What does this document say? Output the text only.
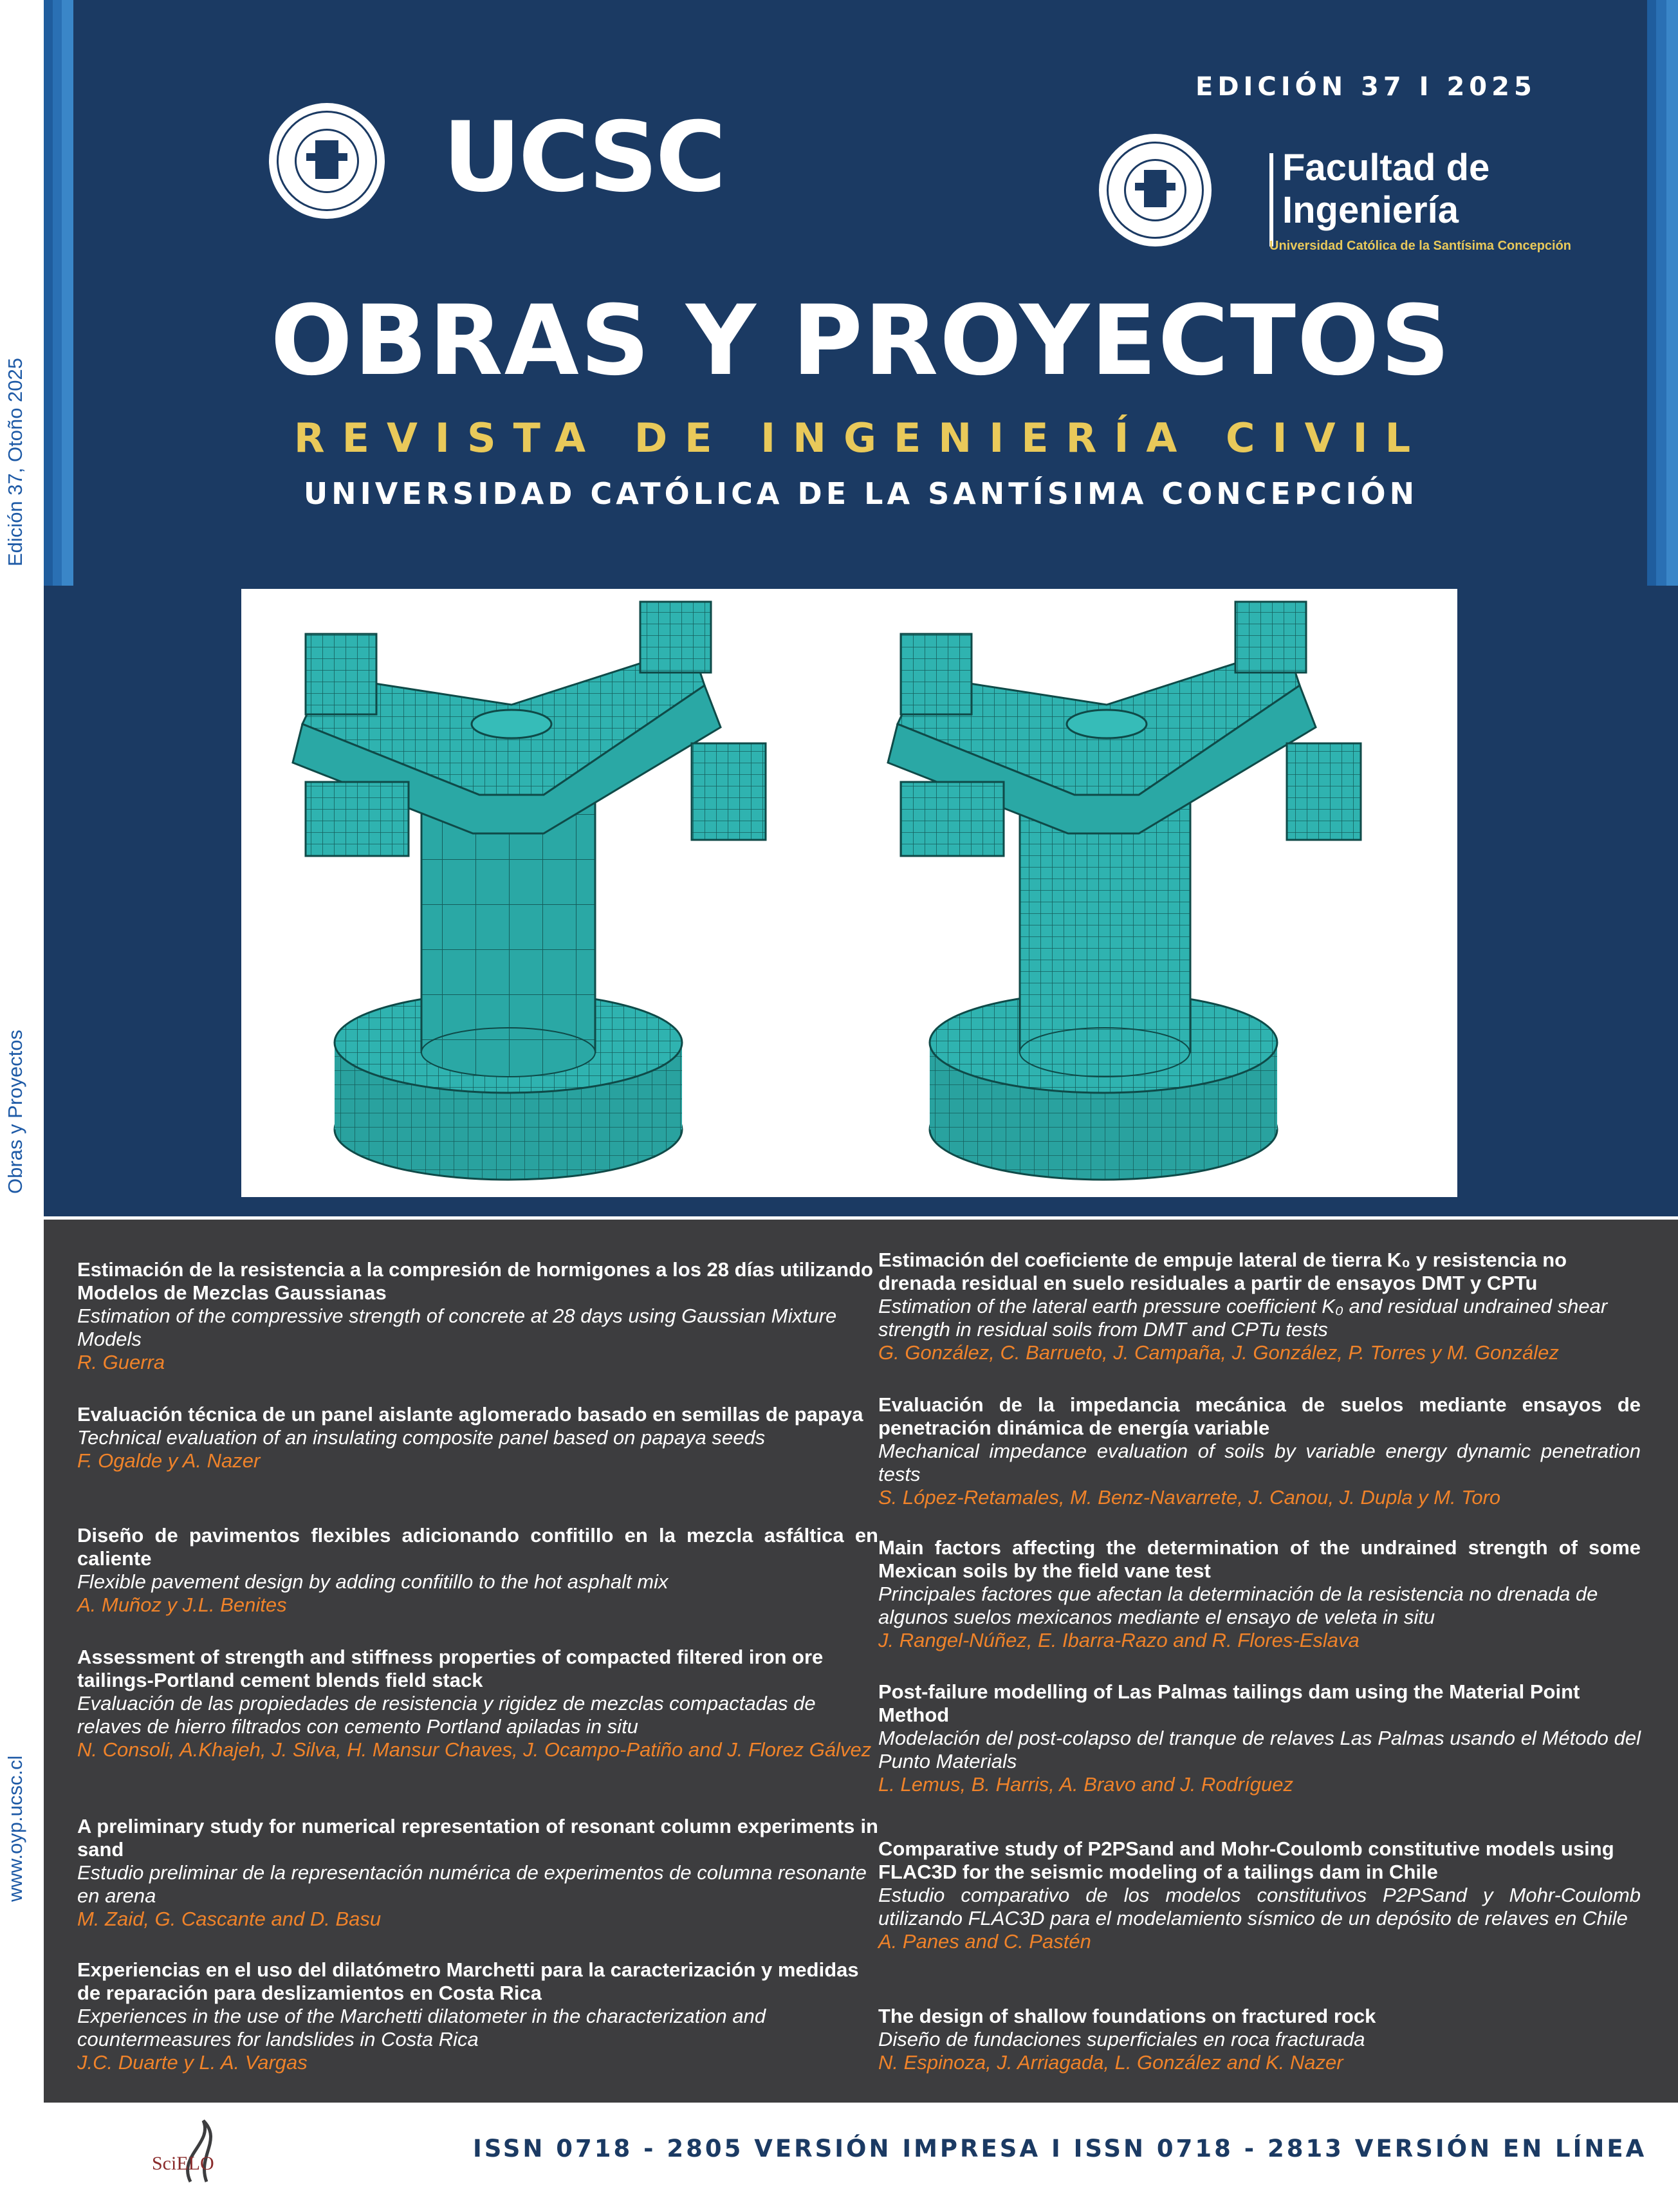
Edición 37, Otoño 2025
Obras y Proyectos
www.oyp.ucsc.cl
EDICIÓN 37 I 2025
UCSC	Facultad de
Ingeniería
Universidad Católica de la Santísima Concepción
OBRAS Y PROYECTOS
REVISTA DE INGENIERÍA CIVIL
UNIVERSIDAD CATÓLICA DE LA SANTÍSIMA CONCEPCIÓN

Estimación de la resistencia a la compresión de hormigones a los 28 días utilizando Modelos de Mezclas Gaussianas

Estimation of the compressive strength of concrete at 28 days using Gaussian Mixture Models

R. Guerra

Evaluación técnica de un panel aislante aglomerado basado en semillas de papaya

Technical evaluation of an insulating composite panel based on papaya seeds

F. Ogalde y A. Nazer

Diseño de pavimentos flexibles adicionando confitillo en la mezcla asfáltica en caliente

Flexible pavement design by adding confitillo to the hot asphalt mix

A. Muñoz y J.L. Benites

Assessment of strength and stiffness properties of compacted filtered iron ore tailings-Portland cement blends field stack

Evaluación de las propiedades de resistencia y rigidez de mezclas compactadas de relaves de hierro filtrados con cemento Portland apiladas in situ

N. Consoli, A.Khajeh, J. Silva, H. Mansur Chaves, J. Ocampo-Patiño and J. Florez Gálvez

A preliminary study for numerical representation of resonant column experiments in sand

Estudio preliminar de la representación numérica de experimentos de columna resonante en arena

M. Zaid, G. Cascante and D. Basu

Experiencias en el uso del dilatómetro Marchetti para la caracterización y medidas de reparación para deslizamientos en Costa Rica

Experiences in the use of the Marchetti dilatometer in the characterization and countermeasures for landslides in Costa Rica

J.C. Duarte y L. A. Vargas

Estimación del coeficiente de empuje lateral de tierra K₀ y resistencia no drenada residual en suelo residuales a partir de ensayos DMT y CPTu

Estimation of the lateral earth pressure coefficient K₀ and residual undrained shear strength in residual soils from DMT and CPTu tests

G. González, C. Barrueto, J. Campaña, J. González, P. Torres y M. González

Evaluación de la impedancia mecánica de suelos mediante ensayos de penetración dinámica de energía variable

Mechanical impedance evaluation of soils by variable energy dynamic penetration tests

S. López-Retamales, M. Benz-Navarrete, J. Canou, J. Dupla y M. Toro

Main factors affecting the determination of the undrained strength of some Mexican soils by the field vane test

Principales factores que afectan la determinación de la resistencia no drenada de algunos suelos mexicanos mediante el ensayo de veleta in situ

J. Rangel-Núñez, E. Ibarra-Razo and R. Flores-Eslava

Post-failure modelling of Las Palmas tailings dam using the Material Point Method

Modelación del post-colapso del tranque de relaves Las Palmas usando el Método del Punto Materials

L. Lemus, B. Harris, A. Bravo and J. Rodríguez

Comparative study of P2PSand and Mohr-Coulomb constitutive models using FLAC3D for the seismic modeling of a tailings dam in Chile

Estudio comparativo de los modelos constitutivos P2PSand y Mohr-Coulomb utilizando FLAC3D para el modelamiento sísmico de un depósito de relaves en Chile

A. Panes and C. Pastén

The design of shallow foundations on fractured rock

Diseño de fundaciones superficiales en roca fracturada

N. Espinoza, J. Arriagada, L. González and K. Nazer

SciELO
ISSN 0718 - 2805 VERSIÓN IMPRESA I ISSN 0718 - 2813 VERSIÓN EN LÍNEA
